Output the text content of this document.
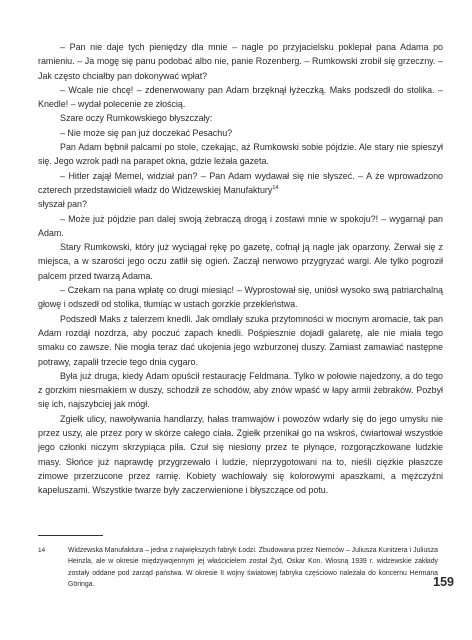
– Pan nie daje tych pieniędzy dla mnie – nagle po przyjacielsku poklepał pana Adama po ramieniu. – Ja mogę się panu podobać albo nie, panie Rozenberg. – Rumkowski zrobił się grzeczny. – Jak często chciałby pan dokonywać wpłat?

– Wcale nie chcę! – zdenerwowany pan Adam brzęknął łyżeczką. Maks podszedł do stolika. – Knedle! – wydał polecenie ze złością.

Szare oczy Rumkowskiego błyszczały:

– Nie może się pan już doczekać Pesachu?

Pan Adam bębnił palcami po stole, czekając, aż Rumkowski sobie pójdzie. Ale stary nie spieszył się. Jego wzrok padł na parapet okna, gdzie leżała gazeta.

– Hitler zajął Memel, widział pan? – Pan Adam wydawał się nie słyszeć. – A że wprowadzono czterech przedstawicieli władz do Widzewskiej Manufaktury$^{14}$

słyszał pan?

– Może już pójdzie pan dalej swoją żebraczą drogą i zostawi mnie w spokoju?! – wygarnął pan Adam.

Stary Rumkowski, który już wyciągał rękę po gazetę, cofnął ją nagle jak oparzony. Zerwał się z miejsca, a w szarości jego oczu zatlił się ogień. Zaczął nerwowo przygryzać wargi. Ale tylko pogroził palcem przed twarzą Adama.

– Czekam na pana wpłatę co drugi miesiąc! – Wyprostował się, uniósł wysoko swą patriarchalną głowę i odszedł od stolika, tłumiąc w ustach gorzkie przekleństwa.

Podszedł Maks z talerzem knedli. Jak omdlały szuka przytomności w mocnym aromacie, tak pan Adam rozdął nozdrza, aby poczuć zapach knedli. Pośpiesznie dojadł galaretę, ale nie miała tego smaku co zawsze. Nie mogła teraz dać ukojenia jego wzburzonej duszy. Zamiast zamawiać następne potrawy, zapalił trzecie tego dnia cygaro.

Była już druga, kiedy Adam opuścił restaurację Feldmana. Tylko w połowie najedzony, a do tego z gorzkim niesmakiem w duszy, schodził ze schodów, aby znów wpaść w łapy armii żebraków. Pozbył się ich, najszybciej jak mógł.

Zgiełk ulicy, nawoływania handlarzy, hałas tramwajów i powozów wdarły się do jego umysłu nie przez uszy, ale przez pory w skórze całego ciała. Zgiełk przenikał go na wskroś, ćwiartował wszystkie jego członki niczym skrzypiąca piła. Czuł się niesiony przez te płynące, rozgorączkowane ludzkie masy. Słońce już naprawdę przygrzewało i ludzie, nieprzygotowani na to, nieśli ciężkie płaszcze zimowe przerzucone przez ramię. Kobiety wachlowały się kolorowymi apaszkami, a mężczyźni kapeluszami. Wszystkie twarze były zaczerwienione i błyszczące od potu.

14	Widzewska Manufaktura – jedna z największych fabryk Łodzi. Zbudowana przez Niemców – Juliusza Kunitzera i Juliusza Heinzla, ale w okresie międzywojennym jej właścicielem został Żyd, Oskar Kon. Wiosną 1939 r. widzewskie zakłady zostały oddane pod zarząd państwa. W okresie II wojny światowej fabryka częściowo należała do koncernu Hermana Göringa.	159
